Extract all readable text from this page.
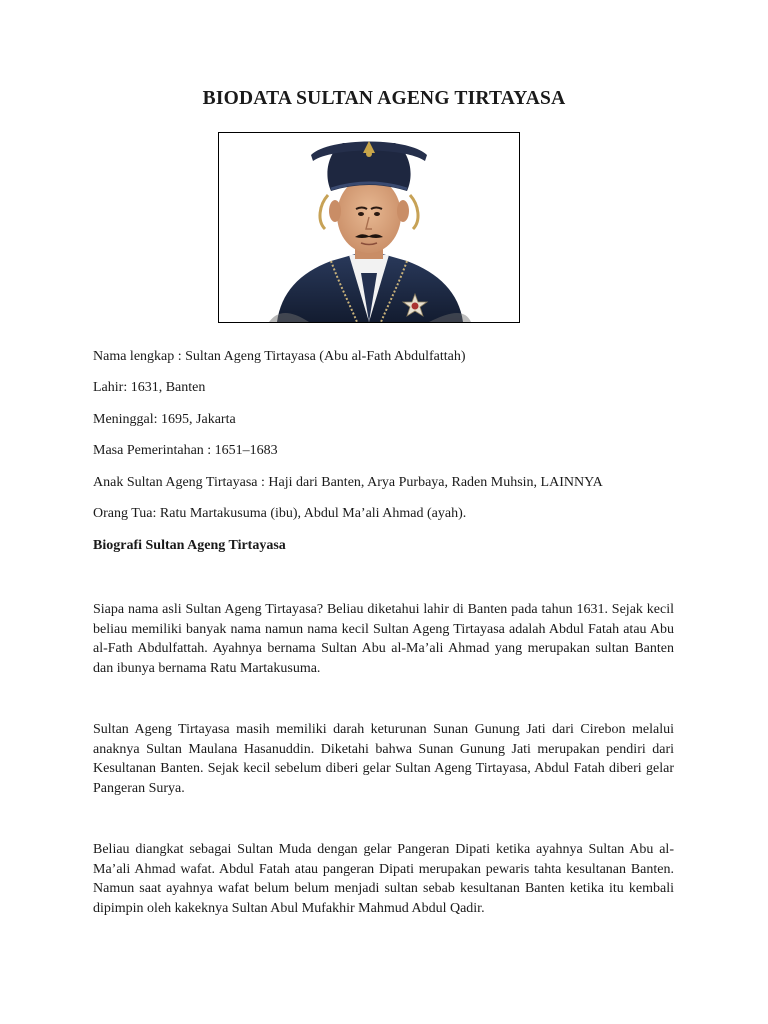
BIODATA SULTAN AGENG TIRTAYASA
Nama lengkap : Sultan Ageng Tirtayasa (Abu al-Fath Abdulfattah)
Lahir: 1631, Banten
Meninggal: 1695, Jakarta
Masa Pemerintahan : 1651–1683
Anak Sultan Ageng Tirtayasa : Haji dari Banten, Arya Purbaya, Raden Muhsin, LAINNYA
Orang Tua: Ratu Martakusuma (ibu), Abdul Ma’ali Ahmad (ayah).
Biografi Sultan Ageng Tirtayasa

Siapa nama asli Sultan Ageng Tirtayasa? Beliau diketahui lahir di Banten pada tahun 1631. Sejak kecil beliau memiliki banyak nama namun nama kecil Sultan Ageng Tirtayasa adalah Abdul Fatah atau Abu al-Fath Abdulfattah. Ayahnya bernama Sultan Abu al-Ma’ali Ahmad yang merupakan sultan Banten dan ibunya bernama Ratu Martakusuma.

Sultan Ageng Tirtayasa masih memiliki darah keturunan Sunan Gunung Jati dari Cirebon melalui anaknya Sultan Maulana Hasanuddin. Diketahi bahwa Sunan Gunung Jati merupakan pendiri dari Kesultanan Banten. Sejak kecil sebelum diberi gelar Sultan Ageng Tirtayasa, Abdul Fatah diberi gelar Pangeran Surya.

Beliau diangkat sebagai Sultan Muda dengan gelar Pangeran Dipati ketika ayahnya Sultan Abu al-Ma’ali Ahmad wafat. Abdul Fatah atau pangeran Dipati merupakan pewaris tahta kesultanan Banten. Namun saat ayahnya wafat belum belum menjadi sultan sebab kesultanan Banten ketika itu kembali dipimpin oleh kakeknya Sultan Abul Mufakhir Mahmud Abdul Qadir.
